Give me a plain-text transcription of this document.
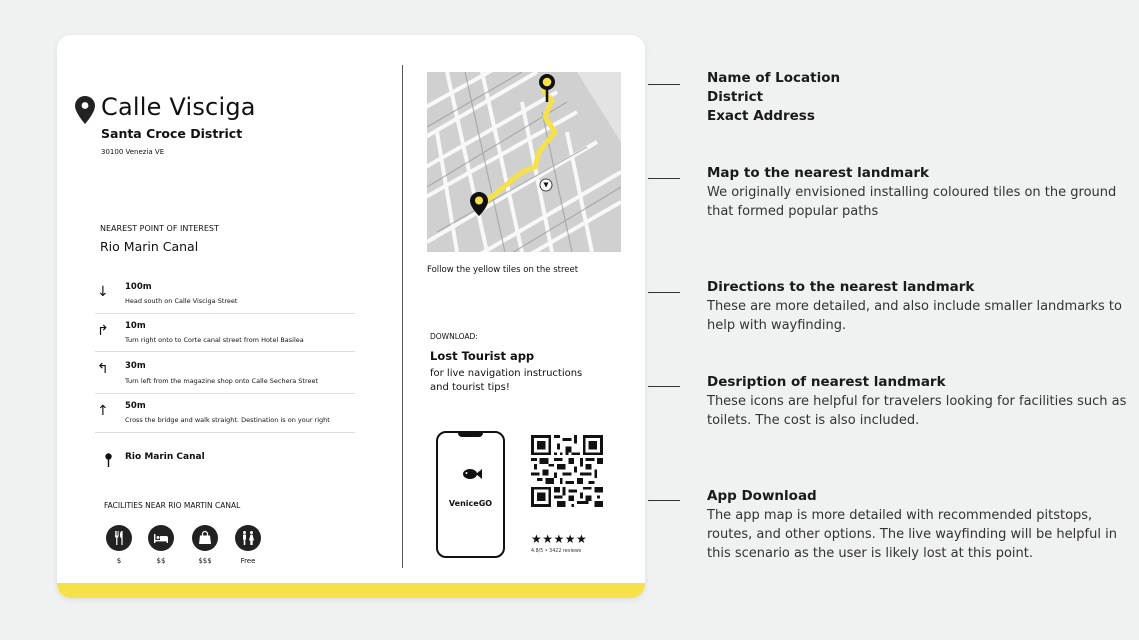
Calle Visciga
Santa Croce District
30100 Venezia VE
NEAREST POINT OF INTEREST
Rio Marin Canal
↓ 100m
Head south on Calle Visciga Street
↱ 10m
Turn right onto to Corte canal street from Hotel Basilea
↰ 30m
Turn left from the magazine shop onto Calle Sechera Street
↑ 50m
Cross the bridge and walk straight. Destination is on your right
Rio Marin Canal
FACILITIES NEAR RIO MARTIN CANAL
$	$$	$$$	Free
Follow the yellow tiles on the street
DOWNLOAD:
Lost Tourist app
for live navigation instructions
and tourist tips!
VeniceGO
★★★★★
4.8/5 • 3422 reviews
Name of Location
District
Exact Address
Map to the nearest landmark
We originally envisioned installing coloured tiles on the ground
that formed popular paths
Directions to the nearest landmark
These are more detailed, and also include smaller landmarks to
help with wayfinding.
Desription of nearest landmark
These icons are helpful for travelers looking for facilities such as
toilets. The cost is also included.
App Download
The app map is more detailed with recommended pitstops,
routes, and other options. The live wayfinding will be helpful in
this scenario as the user is likely lost at this point.
